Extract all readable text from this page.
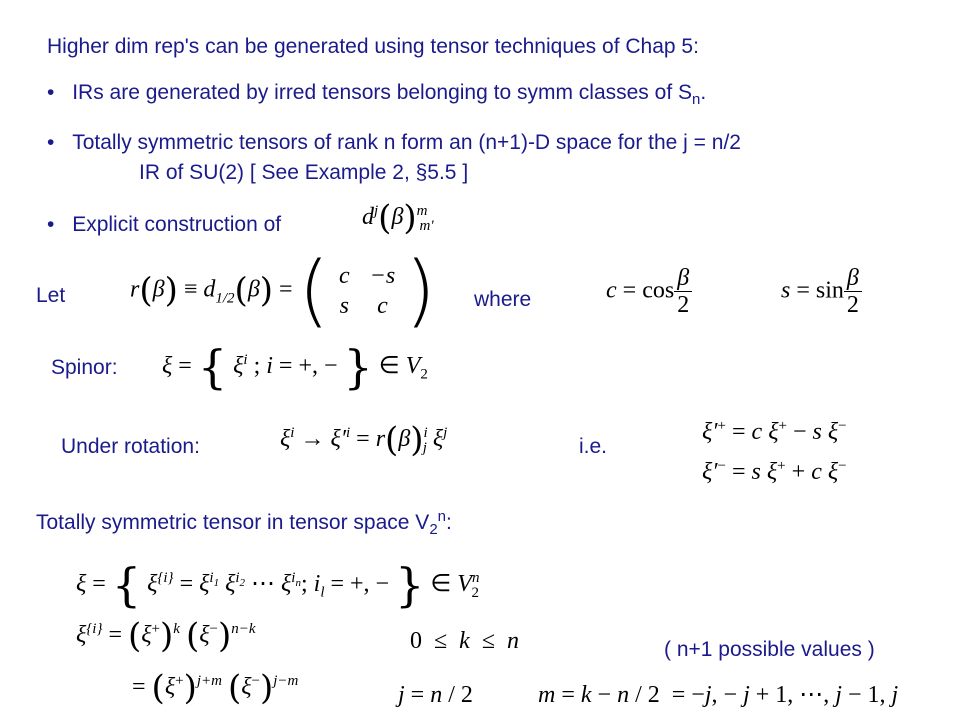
Higher dim rep's can be generated using tensor techniques of Chap 5:
• IRs are generated by irred tensors belonging to symm classes of $S_n$.
• Totally symmetric tensors of rank n form an (n+1)-D space for the j = n/2
IR of SU(2) [ See Example 2, §5.5 ]
• Explicit construction of	$d^j(\beta)^m_{m'}$
Let	$r(\beta) \equiv d_{1/2}(\beta)$ = ( c	−s
s	c ) where	$c = \cos \frac{\beta}{2}$	$s = \sin \frac{\beta}{2}$
Spinor: ξ = { $\xi^i$ ; i = +, − } ∈ $V_2$
Under rotation:	$\xi^i \to \xi'^i = r(\beta)^i_j$ $\xi^j$
i.e.
ξ′+ = c ξ+ − s ξ−
ξ′− = s ξ+ + c ξ−
Totally symmetric tensor in tensor space $V_2^n$:
ξ = { $\xi^{\{i\}} = \xi^{i_1}$ $\xi^{i_2}$ ⋯ $\xi^{i_n}$; $i_l$ = +, − } ∈ $V^n_2$
$\xi^{\{i\}} = (\xi^+)^k$ $(\xi^-)^{n-k}$	0 ≤  k  ≤  n	( n+1 possible values )
= $(\xi^+)^{j+m}$ $(\xi^-)^{j-m}$
j = n / 2	m = k − n / 2 = −j, − j + 1, ⋯, j − 1, j
